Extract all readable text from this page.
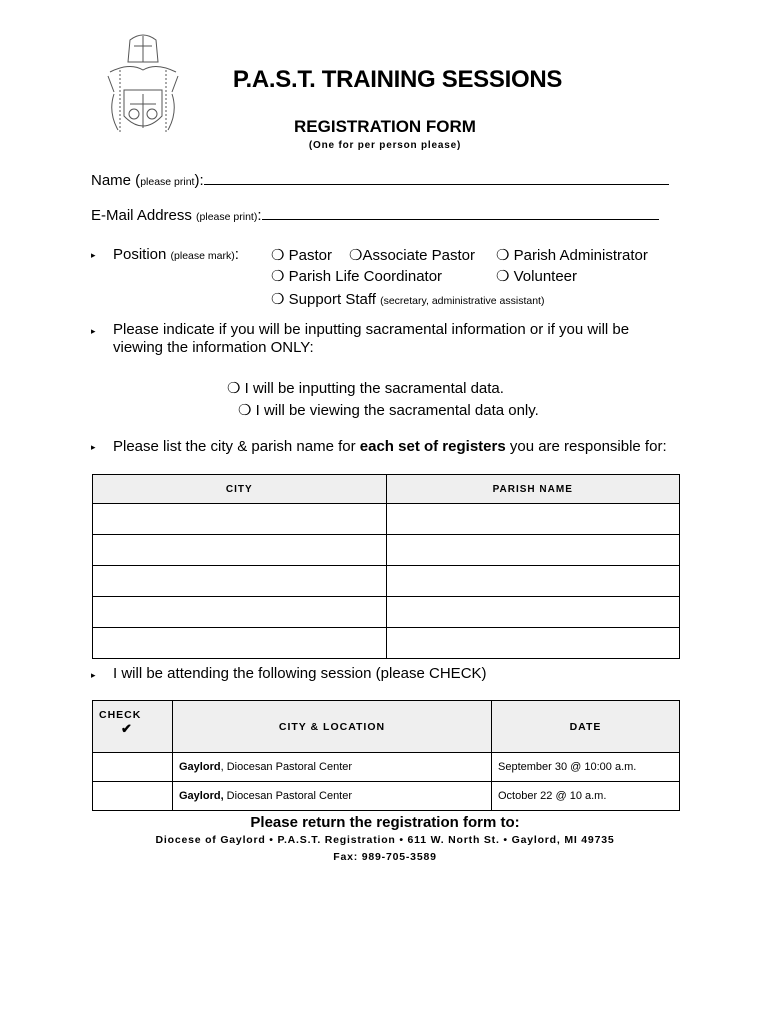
P.A.S.T. TRAINING SESSIONS
REGISTRATION FORM
(One for per person please)
Name (please print):
E-Mail Address (please print):
▸ Position (please mark): ❍ Pastor ❍Associate Pastor ❍ Parish Administrator
❍ Parish Life Coordinator	❍ Volunteer
❍ Support Staff (secretary, administrative assistant)
▸ Please indicate if you will be inputting sacramental information or if you will be viewing the information ONLY:
❍ I will be inputting the sacramental data.
❍ I will be viewing the sacramental data only.
▸ Please list the city & parish name for each set of registers you are responsible for:
CITY	PARISH NAME

▸ I will be attending the following session (please CHECK)
CHECK
✔	CITY & LOCATION	DATE
	Gaylord, Diocesan Pastoral Center	September 30 @ 10:00 a.m.
	Gaylord, Diocesan Pastoral Center	October 22 @ 10 a.m.
Please return the registration form to:
Diocese of Gaylord • P.A.S.T. Registration • 611 W. North St. • Gaylord, MI 49735
Fax: 989-705-3589
